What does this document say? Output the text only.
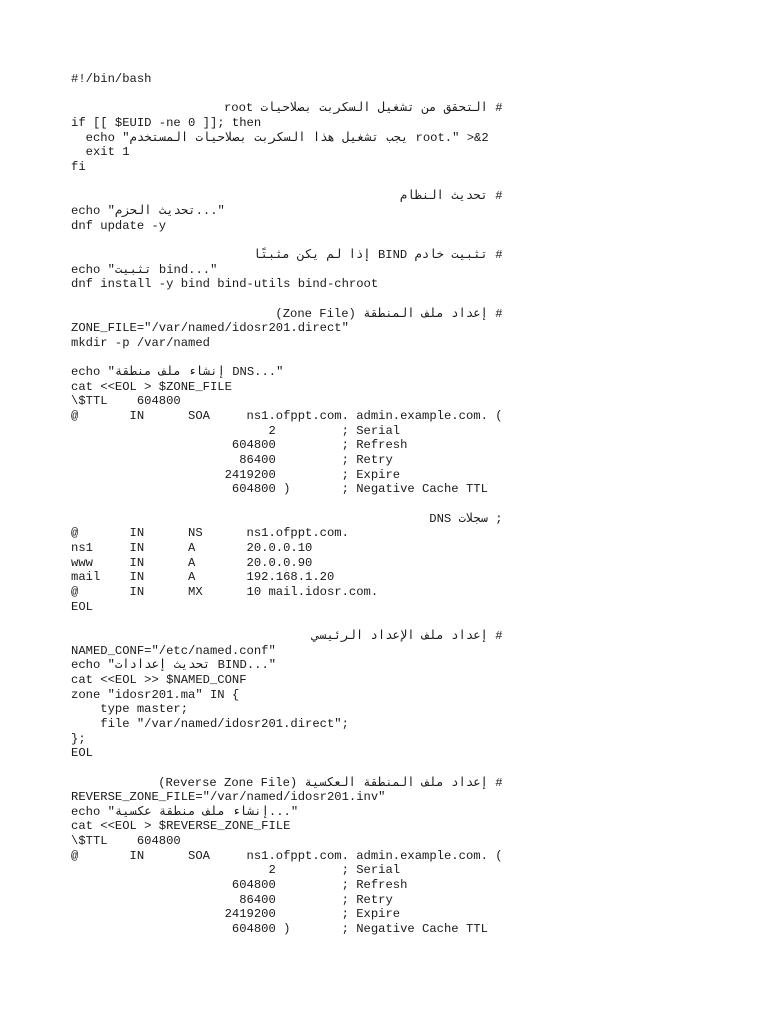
#!/bin/bash

# التحقق من تشغيل السكربت بصلاحيات root
if [[ $EUID -ne 0 ]]; then
echo "يجب تشغيل هذا السكربت بصلاحيات المستخدم root." >&2
exit 1
fi

# تحديث النظام
echo "تحديث الحزم..."
dnf update -y

# تثبيت خادم BIND إذا لم يكن مثبتًا
echo "تثبيت bind..."
dnf install -y bind bind-utils bind-chroot

# إعداد ملف المنطقة (Zone File)
ZONE_FILE="/var/named/idosr201.direct"
mkdir -p /var/named

echo "إنشاء ملف منطقة DNS..."
cat <<EOL > $ZONE_FILE
\$TTL    604800
@       IN      SOA     ns1.ofppt.com. admin.example.com. (
2         ; Serial
604800         ; Refresh
86400         ; Retry
2419200         ; Expire
604800 )       ; Negative Cache TTL

; سجلات DNS
@       IN      NS      ns1.ofppt.com.
ns1     IN      A       20.0.0.10
www     IN      A       20.0.0.90
mail    IN      A       192.168.1.20
@       IN      MX      10 mail.idosr.com.
EOL

# إعداد ملف الإعداد الرئيسي
NAMED_CONF="/etc/named.conf"
echo "تحديث إعدادات BIND..."
cat <<EOL >> $NAMED_CONF
zone "idosr201.ma" IN {
type master;
file "/var/named/idosr201.direct";
};
EOL

# إعداد ملف المنطقة العكسية (Reverse Zone File)
REVERSE_ZONE_FILE="/var/named/idosr201.inv"
echo "إنشاء ملف منطقة عكسية..."
cat <<EOL > $REVERSE_ZONE_FILE
\$TTL    604800
@       IN      SOA     ns1.ofppt.com. admin.example.com. (
2         ; Serial
604800         ; Refresh
86400         ; Retry
2419200         ; Expire
604800 )       ; Negative Cache TTL
